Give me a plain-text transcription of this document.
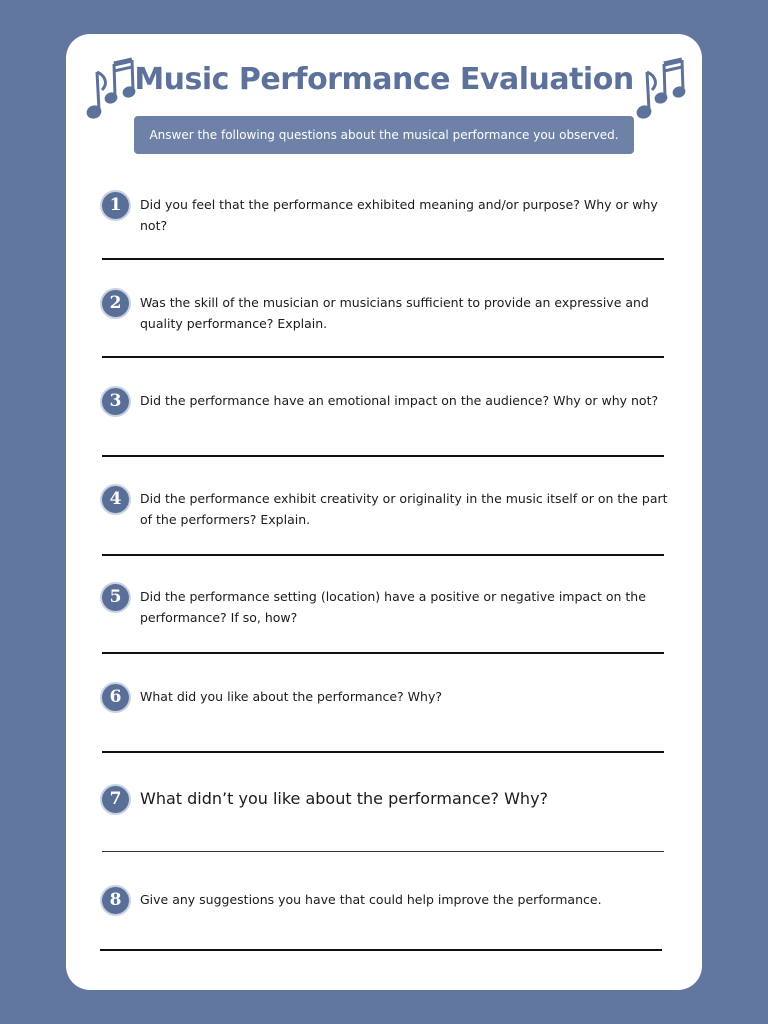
Music Performance Evaluation
Answer the following questions about the musical performance you observed.
1	Did you feel that the performance exhibited meaning and/or purpose? Why or why not?
2	Was the skill of the musician or musicians sufficient to provide an expressive and quality performance? Explain.
3	Did the performance have an emotional impact on the audience? Why or why not?
4	Did the performance exhibit creativity or originality in the music itself or on the part of the performers? Explain.
5	Did the performance setting (location) have a positive or negative impact on the performance? If so, how?
6	What did you like about the performance? Why?
7	What didn’t you like about the performance? Why?
8	Give any suggestions you have that could help improve the performance.
